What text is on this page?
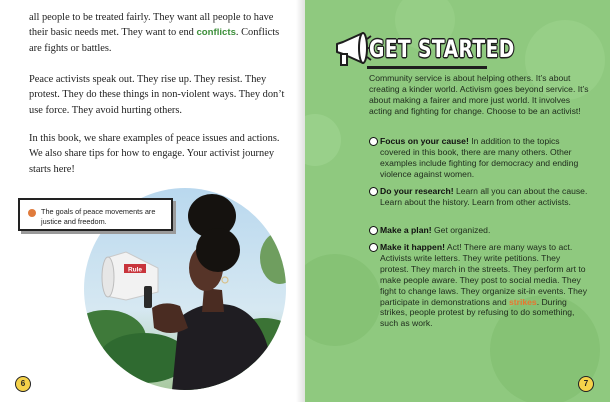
all people to be treated fairly. They want all people to have their basic needs met. They want to end conflicts. Conflicts are fights or battles.

Peace activists speak out. They rise up. They resist. They protest. They do these things in non-violent ways. They don’t use force. They avoid hurting others.

In this book, we share examples of peace issues and actions. We also share tips for how to engage. Your activist journey starts here!

Rule
The goals of peace movements are justice and freedom.
6
GET STARTED

Community service is about helping others. It’s about creating a kinder world. Activism goes beyond service. It’s about making a fairer and more just world. It involves acting and fighting for change. Choose to be an activist!

Focus on your cause! In addition to the topics covered in this book, there are many others. Other examples include fighting for democracy and ending violence against women.
Do your research! Learn all you can about the cause. Learn about the history. Learn from other activists.
Make a plan! Get organized.
Make it happen! Act! There are many ways to act. Activists write letters. They write petitions. They protest. They march in the streets. They perform art to make people aware. They post to social media. They fight to change laws. They organize sit-in events. They participate in demonstrations and strikes. During strikes, people protest by refusing to do something, such as work.
7
